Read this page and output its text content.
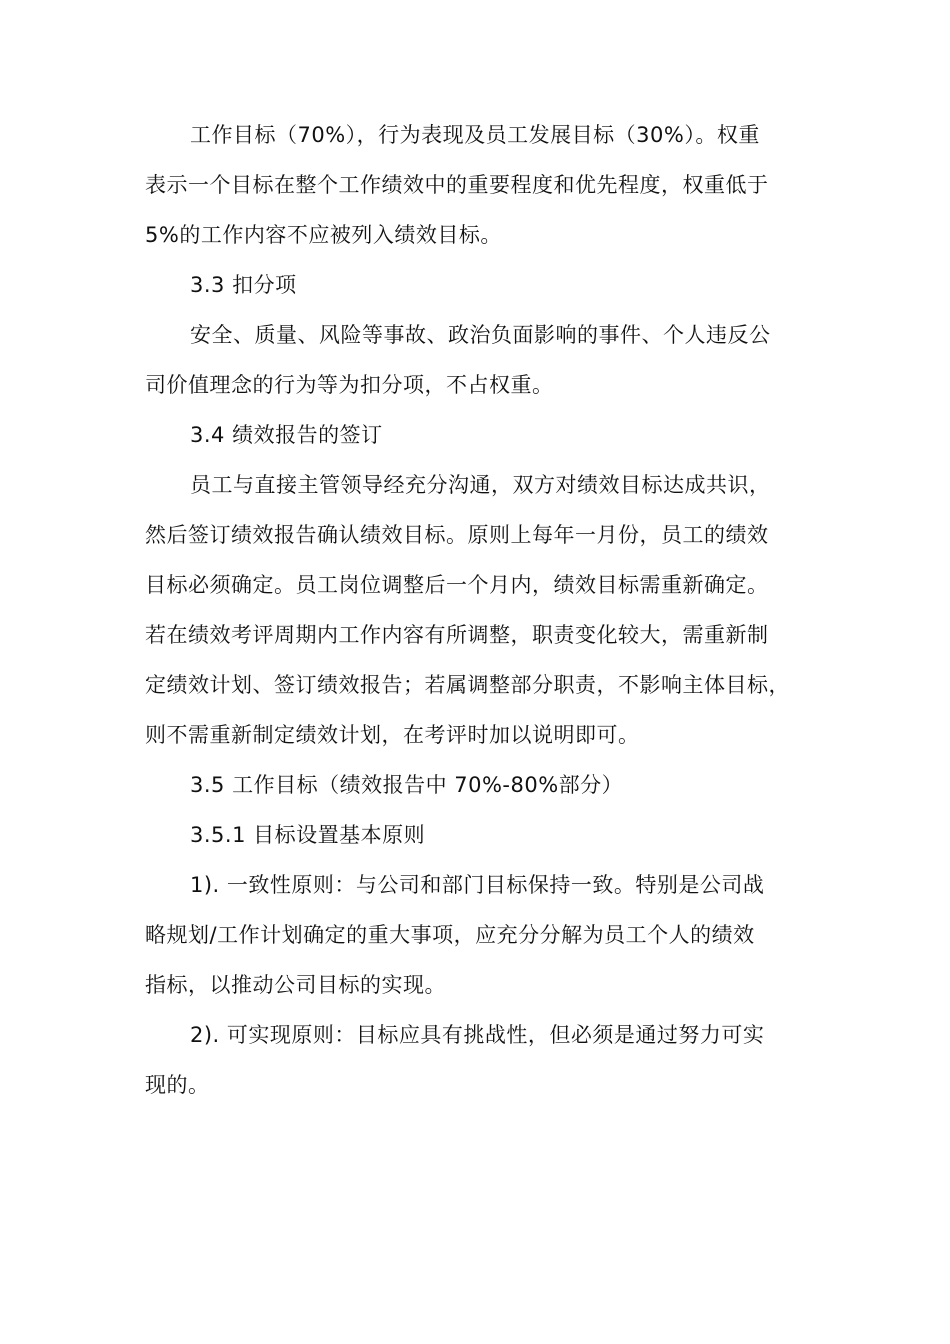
工作目标（70%），行为表现及员工发展目标（30%）。权重
表示一个目标在整个工作绩效中的重要程度和优先程度，权重低于
5%的工作内容不应被列入绩效目标。
3.3 扣分项
安全、质量、风险等事故、政治负面影响的事件、个人违反公
司价值理念的行为等为扣分项，不占权重。
3.4 绩效报告的签订
员工与直接主管领导经充分沟通，双方对绩效目标达成共识，
然后签订绩效报告确认绩效目标。原则上每年一月份，员工的绩效
目标必须确定。员工岗位调整后一个月内，绩效目标需重新确定。
若在绩效考评周期内工作内容有所调整，职责变化较大，需重新制
定绩效计划、签订绩效报告；若属调整部分职责，不影响主体目标，
则不需重新制定绩效计划，在考评时加以说明即可。
3.5 工作目标（绩效报告中 70%-80%部分）
3.5.1 目标设置基本原则
1). 一致性原则：与公司和部门目标保持一致。特别是公司战
略规划/工作计划确定的重大事项，应充分分解为员工个人的绩效
指标，以推动公司目标的实现。
2). 可实现原则：目标应具有挑战性，但必须是通过努力可实
现的。
